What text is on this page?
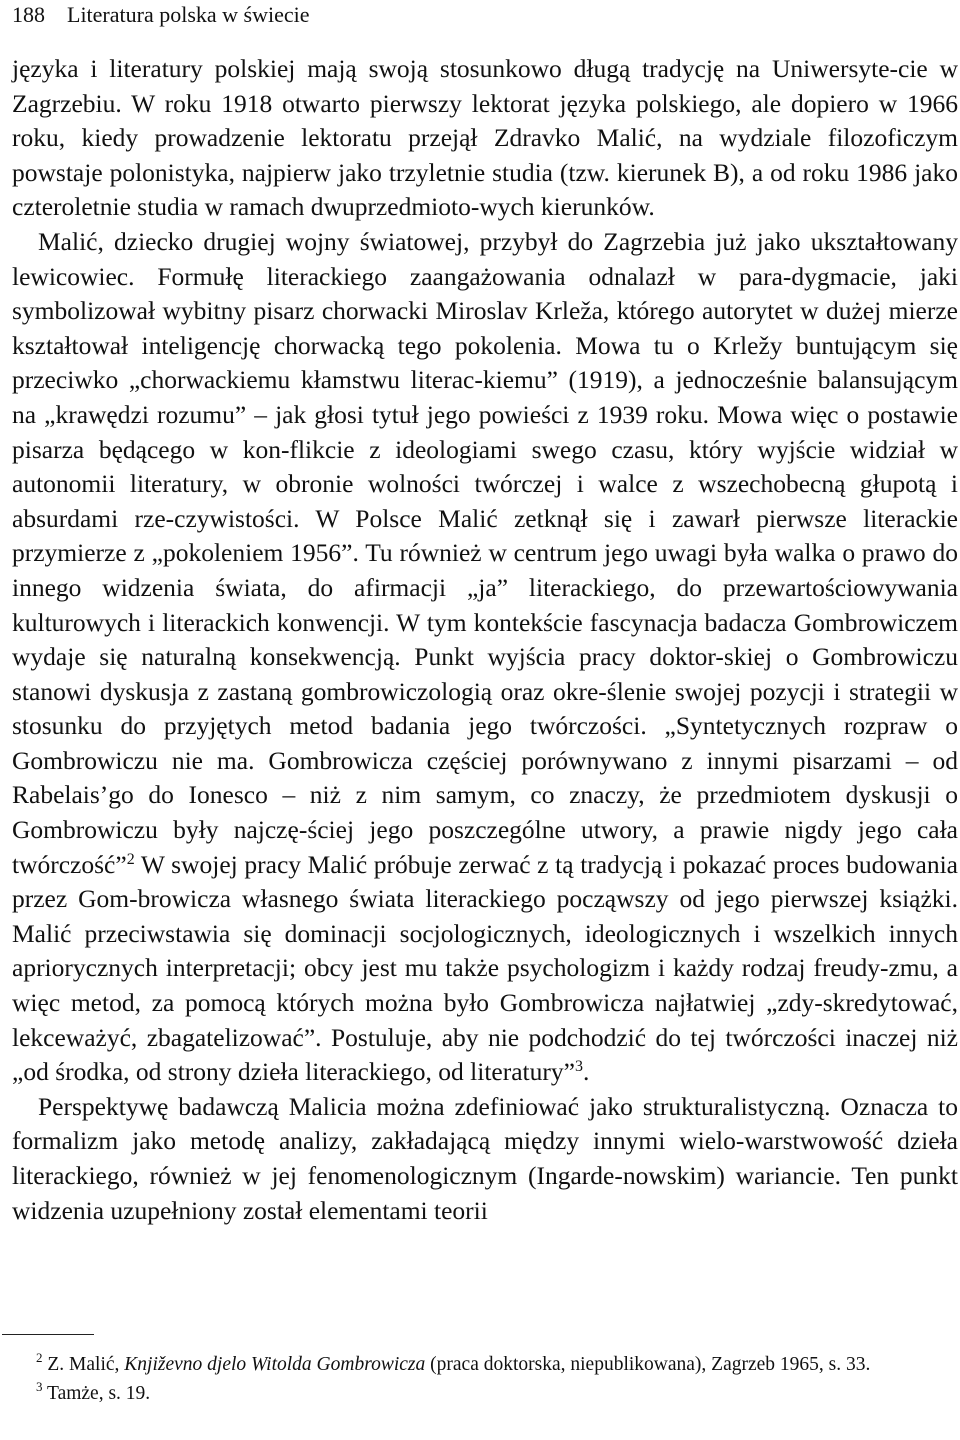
188 Literatura polska w świecie

języka i literatury polskiej mają swoją stosunkowo długą tradycję na Uniwersyte-cie w Zagrzebiu. W roku 1918 otwarto pierwszy lektorat języka polskiego, ale dopiero w 1966 roku, kiedy prowadzenie lektoratu przejął Zdravko Malić, na wydziale filozoficzym powstaje polonistyka, najpierw jako trzyletnie studia (tzw. kierunek B), a od roku 1986 jako czteroletnie studia w ramach dwuprzedmioto-wych kierunków.

Malić, dziecko drugiej wojny światowej, przybył do Zagrzebia już jako ukształtowany lewicowiec. Formułę literackiego zaangażowania odnalazł w para-dygmacie, jaki symbolizował wybitny pisarz chorwacki Miroslav Krleža, którego autorytet w dużej mierze kształtował inteligencję chorwacką tego pokolenia. Mowa tu o Krležy buntującym się przeciwko „chorwackiemu kłamstwu literac-kiemu” (1919), a jednocześnie balansującym na „krawędzi rozumu” – jak głosi tytuł jego powieści z 1939 roku. Mowa więc o postawie pisarza będącego w kon-flikcie z ideologiami swego czasu, który wyjście widział w autonomii literatury, w obronie wolności twórczej i walce z wszechobecną głupotą i absurdami rze-czywistości. W Polsce Malić zetknął się i zawarł pierwsze literackie przymierze z „pokoleniem 1956”. Tu również w centrum jego uwagi była walka o prawo do innego widzenia świata, do afirmacji „ja” literackiego, do przewartościowywania kulturowych i literackich konwencji. W tym kontekście fascynacja badacza Gombrowiczem wydaje się naturalną konsekwencją. Punkt wyjścia pracy doktor-skiej o Gombrowiczu stanowi dyskusja z zastaną gombrowiczologią oraz okre-ślenie swojej pozycji i strategii w stosunku do przyjętych metod badania jego twórczości. „Syntetycznych rozpraw o Gombrowiczu nie ma. Gombrowicza częściej porównywano z innymi pisarzami – od Rabelais’go do Ionesco – niż z nim samym, co znaczy, że przedmiotem dyskusji o Gombrowiczu były najczę-ściej jego poszczególne utwory, a prawie nigdy jego cała twórczość”$^2$ W swojej pracy Malić próbuje zerwać z tą tradycją i pokazać proces budowania przez Gom-browicza własnego świata literackiego począwszy od jego pierwszej książki. Malić przeciwstawia się dominacji socjologicznych, ideologicznych i wszelkich innych apriorycznych interpretacji; obcy jest mu także psychologizm i każdy rodzaj freudy-zmu, a więc metod, za pomocą których można było Gombrowicza najłatwiej „zdy-skredytować, lekceważyć, zbagatelizować”. Postuluje, aby nie podchodzić do tej twórczości inaczej niż „od środka, od strony dzieła literackiego, od literatury”$^3$.

Perspektywę badawczą Malicia można zdefiniować jako strukturalistyczną. Oznacza to formalizm jako metodę analizy, zakładającą między innymi wielo-warstwowość dzieła literackiego, również w jej fenomenologicznym (Ingarde-nowskim) wariancie. Ten punkt widzenia uzupełniony został elementami teorii

$^2$ Z. Malić, Književno djelo Witolda Gombrowicza (praca doktorska, niepublikowana), Zagrzeb 1965, s. 33.

$^3$ Tamże, s. 19.
